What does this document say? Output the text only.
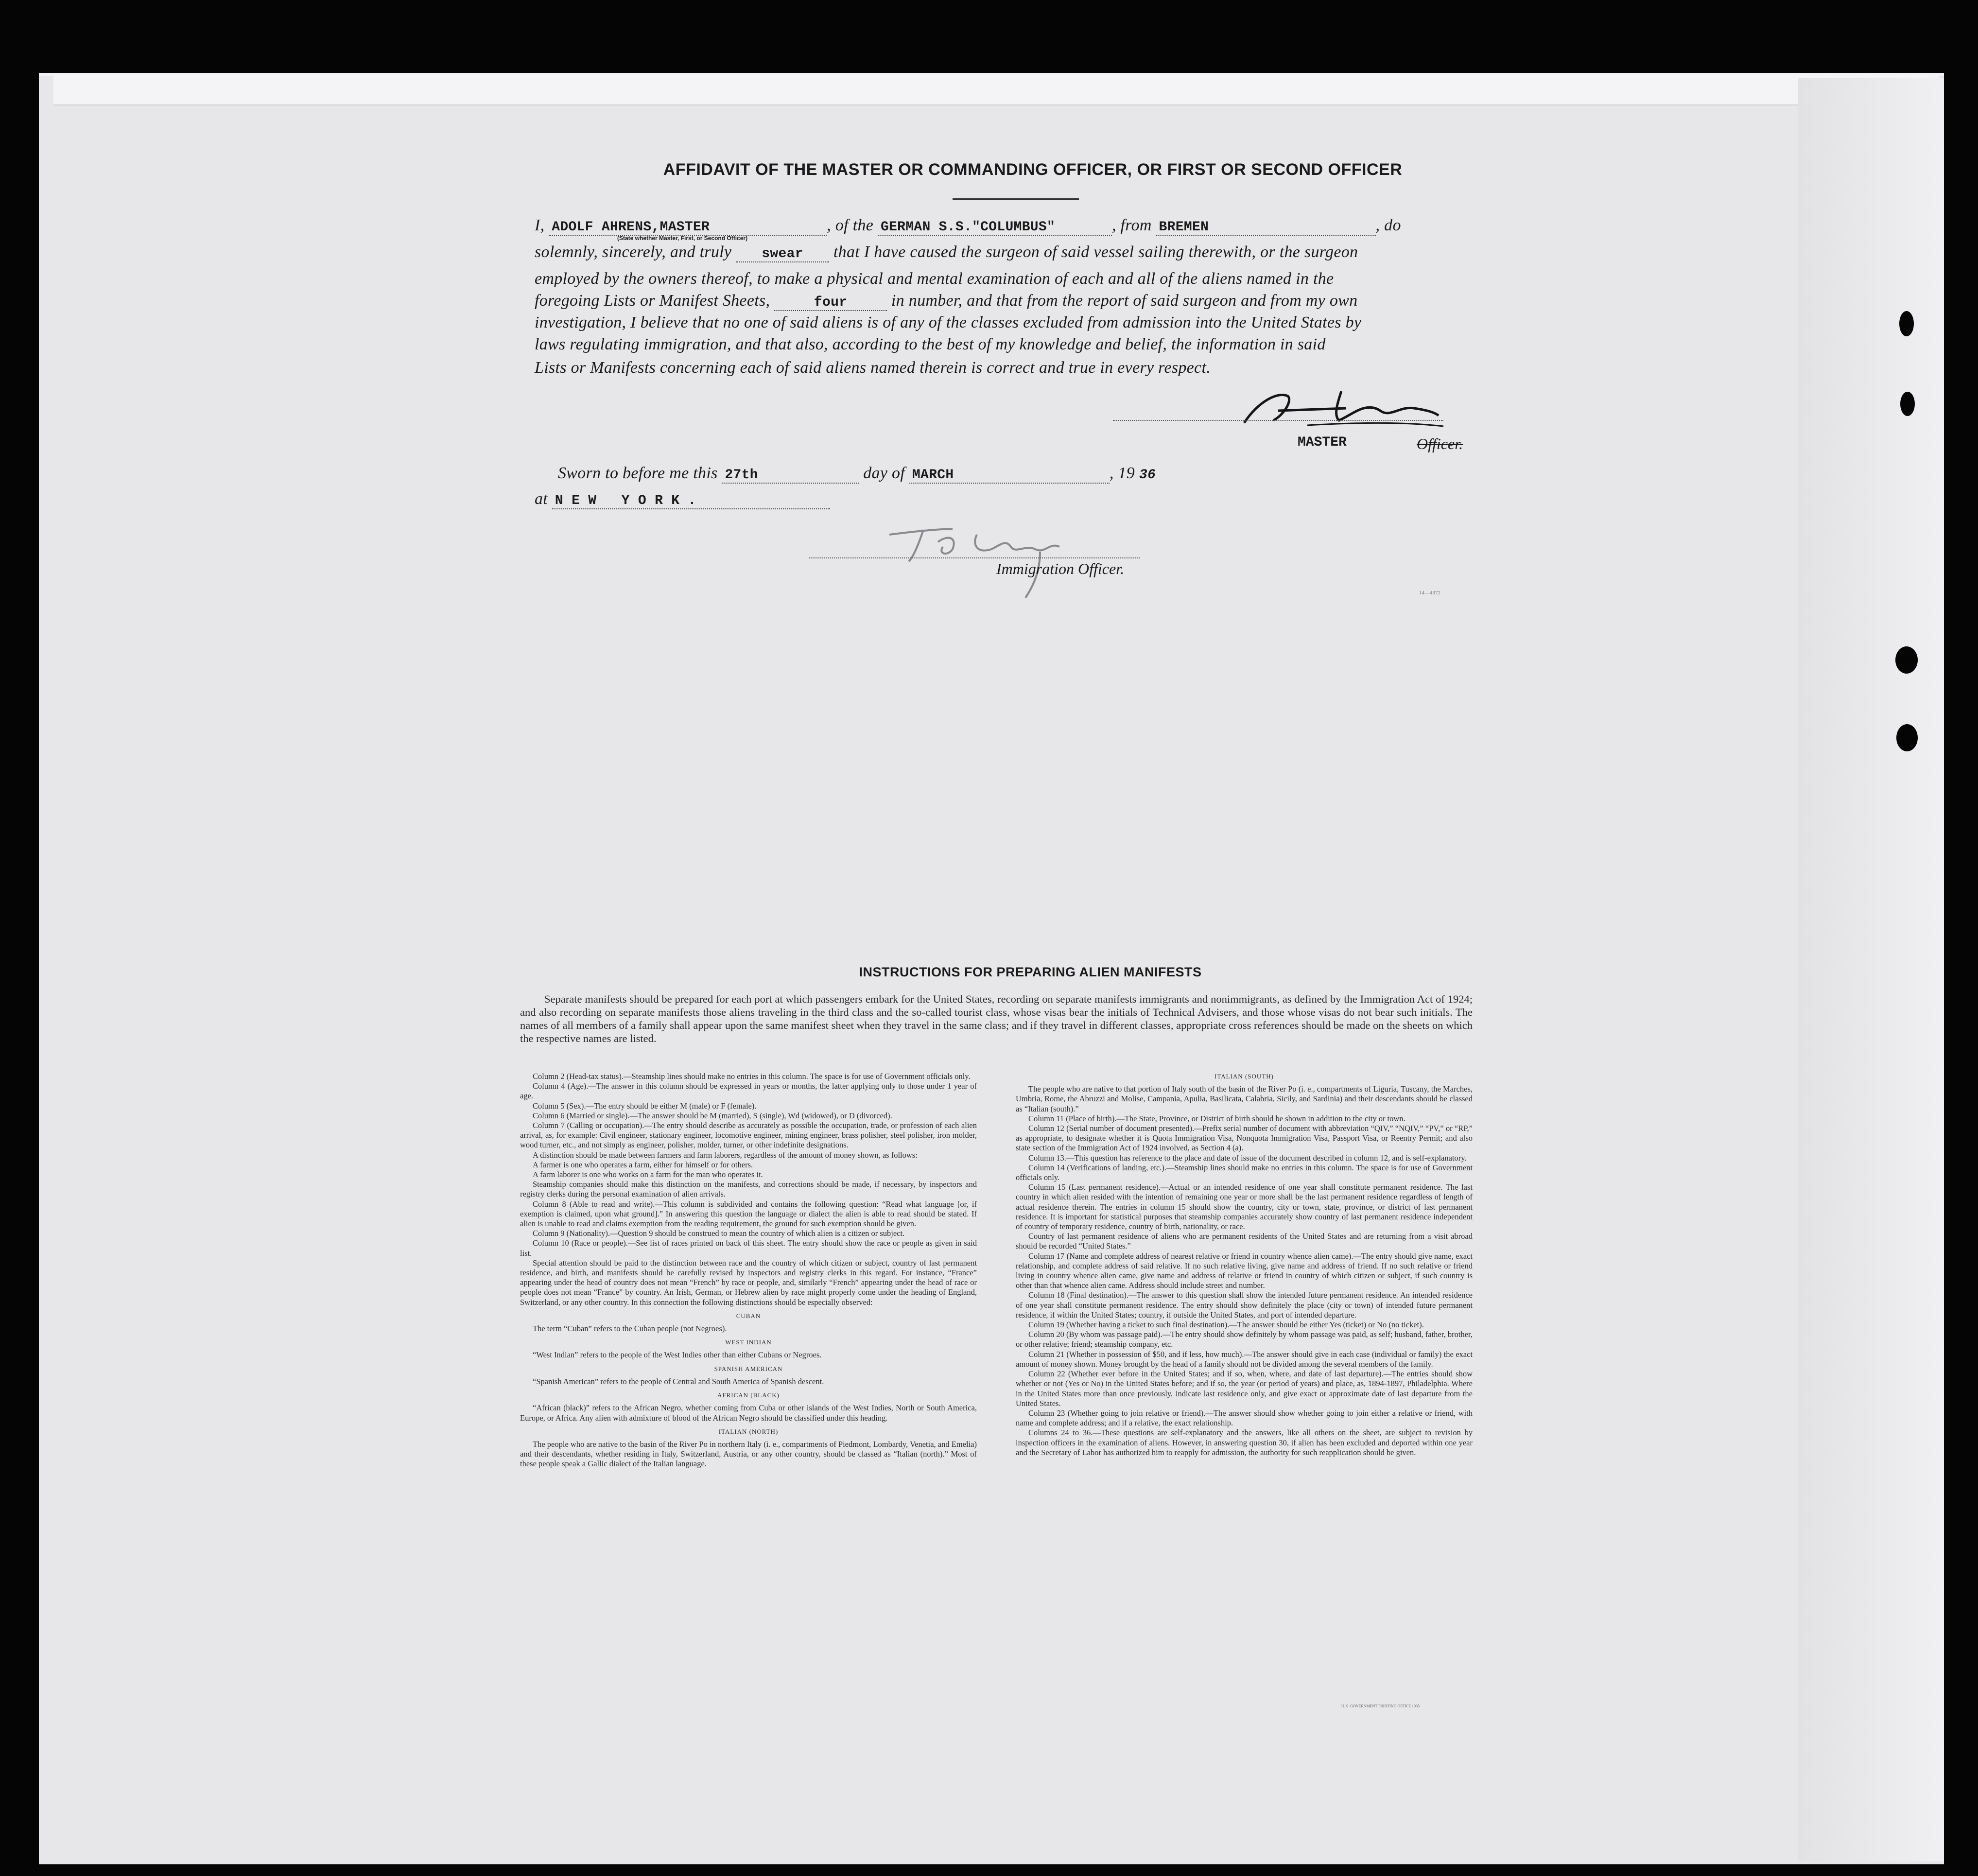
AFFIDAVIT OF THE MASTER OR COMMANDING OFFICER, OR FIRST OR SECOND OFFICER
I, ADOLF AHRENS,MASTER	, of the GERMAN S.S."COLUMBUS"	, from BREMEN	, do
(State whether Master, First, or Second Officer)
solemnly, sincerely, and truly swear that I have caused the surgeon of said vessel sailing therewith, or the surgeon
employed by the owners thereof, to make a physical and mental examination of each and all of the aliens named in the
foregoing Lists or Manifest Sheets,	four	in number, and that from the report of said surgeon and from my own
investigation, I believe that no one of said aliens is of any of the classes excluded from admission into the United States by
laws regulating immigration, and that also, according to the best of my knowledge and belief, the information in said
Lists or Manifests concerning each of said aliens named therein is correct and true in every respect.
MASTER	Officer.
Sworn to before me this 27th	day of MARCH	, 19 36
at N E W   Y O R K .
Immigration Officer.
14—4372
INSTRUCTIONS FOR PREPARING ALIEN MANIFESTS
Separate manifests should be prepared for each port at which passengers embark for the United States, recording on separate manifests immigrants and nonimmigrants, as defined by the Immigration Act of 1924; and also recording on separate manifests those aliens traveling in the third class and the so-called tourist class, whose visas bear the initials of Technical Advisers, and those whose visas do not bear such initials. The names of all members of a family shall appear upon the same manifest sheet when they travel in the same class; and if they travel in different classes, appropriate cross references should be made on the sheets on which the respective names are listed.

Column 2 (Head-tax status).—Steamship lines should make no entries in this column. The space is for use of Government officials only.

Column 4 (Age).—The answer in this column should be expressed in years or months, the latter applying only to those under 1 year of age.

Column 5 (Sex).—The entry should be either M (male) or F (female).

Column 6 (Married or single).—The answer should be M (married), S (single), Wd (widowed), or D (divorced).

Column 7 (Calling or occupation).—The entry should describe as accurately as possible the occupation, trade, or profession of each alien arrival, as, for example: Civil engineer, stationary engineer, locomotive engineer, mining engineer, brass polisher, steel polisher, iron molder, wood turner, etc., and not simply as engineer, polisher, molder, turner, or other indefinite designations.

A distinction should be made between farmers and farm laborers, regardless of the amount of money shown, as follows:

A farmer is one who operates a farm, either for himself or for others.

A farm laborer is one who works on a farm for the man who operates it.

Steamship companies should make this distinction on the manifests, and corrections should be made, if necessary, by inspectors and registry clerks during the personal examination of alien arrivals.

Column 8 (Able to read and write).—This column is subdivided and contains the following question: “Read what language [or, if exemption is claimed, upon what ground].” In answering this question the language or dialect the alien is able to read should be stated. If alien is unable to read and claims exemption from the reading requirement, the ground for such exemption should be given.

Column 9 (Nationality).—Question 9 should be construed to mean the country of which alien is a citizen or subject.

Column 10 (Race or people).—See list of races printed on back of this sheet. The entry should show the race or people as given in said list.

Special attention should be paid to the distinction between race and the country of which citizen or subject, country of last permanent residence, and birth, and manifests should be carefully revised by inspectors and registry clerks in this regard. For instance, “France” appearing under the head of country does not mean “French” by race or people, and, similarly “French” appearing under the head of race or people does not mean “France” by country. An Irish, German, or Hebrew alien by race might properly come under the heading of England, Switzerland, or any other country. In this connection the following distinctions should be especially observed:

CUBAN

The term “Cuban” refers to the Cuban people (not Negroes).

WEST INDIAN

“West Indian” refers to the people of the West Indies other than either Cubans or Negroes.

SPANISH AMERICAN

“Spanish American” refers to the people of Central and South America of Spanish descent.

AFRICAN (BLACK)

“African (black)” refers to the African Negro, whether coming from Cuba or other islands of the West Indies, North or South America, Europe, or Africa. Any alien with admixture of blood of the African Negro should be classified under this heading.

ITALIAN (NORTH)

The people who are native to the basin of the River Po in northern Italy (i. e., compartments of Piedmont, Lombardy, Venetia, and Emelia) and their descendants, whether residing in Italy, Switzerland, Austria, or any other country, should be classed as “Italian (north).” Most of these people speak a Gallic dialect of the Italian language.

ITALIAN (SOUTH)

The people who are native to that portion of Italy south of the basin of the River Po (i. e., compartments of Liguria, Tuscany, the Marches, Umbria, Rome, the Abruzzi and Molise, Campania, Apulia, Basilicata, Calabria, Sicily, and Sardinia) and their descendants should be classed as “Italian (south).”

Column 11 (Place of birth).—The State, Province, or District of birth should be shown in addition to the city or town.

Column 12 (Serial number of document presented).—Prefix serial number of document with abbreviation “QIV,” “NQIV,” “PV,” or “RP,” as appropriate, to designate whether it is Quota Immigration Visa, Nonquota Immigration Visa, Passport Visa, or Reentry Permit; and also state section of the Immigration Act of 1924 involved, as Section 4 (a).

Column 13.—This question has reference to the place and date of issue of the document described in column 12, and is self-explanatory.

Column 14 (Verifications of landing, etc.).—Steamship lines should make no entries in this column. The space is for use of Government officials only.

Column 15 (Last permanent residence).—Actual or an intended residence of one year shall constitute permanent residence. The last country in which alien resided with the intention of remaining one year or more shall be the last permanent residence regardless of length of actual residence therein. The entries in column 15 should show the country, city or town, state, province, or district of last permanent residence. It is important for statistical purposes that steamship companies accurately show country of last permanent residence independent of country of temporary residence, country of birth, nationality, or race.

Country of last permanent residence of aliens who are permanent residents of the United States and are returning from a visit abroad should be recorded “United States.”

Column 17 (Name and complete address of nearest relative or friend in country whence alien came).—The entry should give name, exact relationship, and complete address of said relative. If no such relative living, give name and address of friend. If no such relative or friend living in country whence alien came, give name and address of relative or friend in country of which citizen or subject, if such country is other than that whence alien came. Address should include street and number.

Column 18 (Final destination).—The answer to this question shall show the intended future permanent residence. An intended residence of one year shall constitute permanent residence. The entry should show definitely the place (city or town) of intended future permanent residence, if within the United States; country, if outside the United States, and port of intended departure.

Column 19 (Whether having a ticket to such final destination).—The answer should be either Yes (ticket) or No (no ticket).

Column 20 (By whom was passage paid).—The entry should show definitely by whom passage was paid, as self; husband, father, brother, or other relative; friend; steamship company, etc.

Column 21 (Whether in possession of $50, and if less, how much).—The answer should give in each case (individual or family) the exact amount of money shown. Money brought by the head of a family should not be divided among the several members of the family.

Column 22 (Whether ever before in the United States; and if so, when, where, and date of last departure).—The entries should show whether or not (Yes or No) in the United States before; and if so, the year (or period of years) and place, as, 1894-1897, Philadelphia. Where in the United States more than once previously, indicate last residence only, and give exact or approximate date of last departure from the United States.

Column 23 (Whether going to join relative or friend).—The answer should show whether going to join either a relative or friend, with name and complete address; and if a relative, the exact relationship.

Columns 24 to 36.—These questions are self-explanatory and the answers, like all others on the sheet, are subject to revision by inspection officers in the examination of aliens. However, in answering question 30, if alien has been excluded and deported within one year and the Secretary of Labor has authorized him to reapply for admission, the authority for such reapplication should be given.

U. S. GOVERNMENT PRINTING OFFICE 1935
